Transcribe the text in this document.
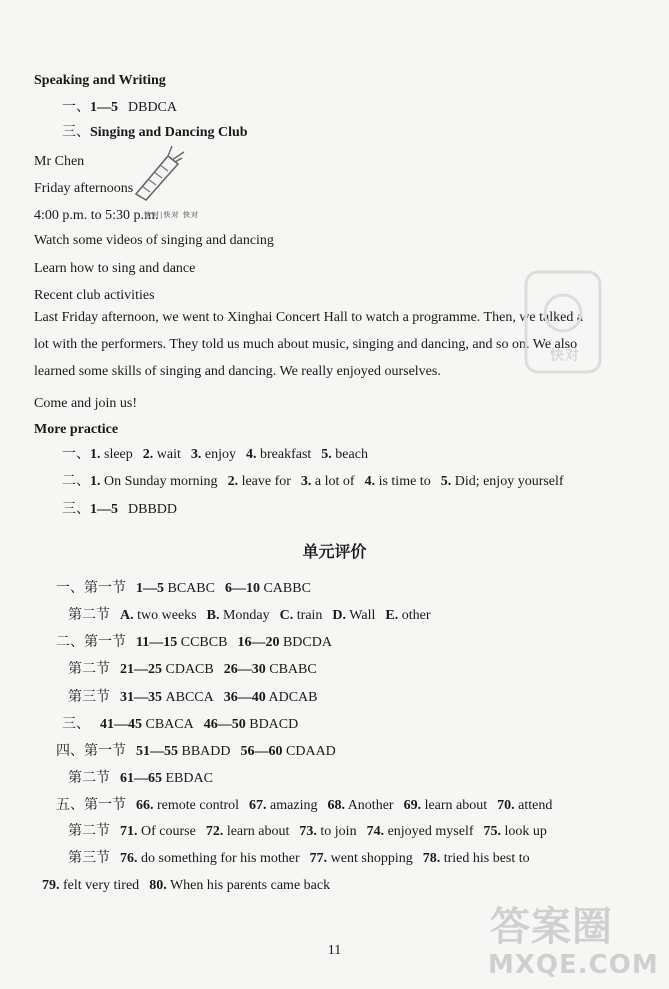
Speaking and Writing
一、1—5 DBDCA
三、Singing and Dancing Club
Mr Chen
Friday afternoons
4:00 p.m. to 5:30 p.m.
Watch some videos of singing and dancing
Learn how to sing and dance
Recent club activities
Last Friday afternoon, we went to Xinghai Concert Hall to watch a programme. Then, we talked a
lot with the performers. They told us much about music, singing and dancing, and so on. We also
learned some skills of singing and dancing. We really enjoyed ourselves.
Come and join us!
More practice
一、1. sleep 2. wait 3. enjoy 4. breakfast 5. beach
二、1. On Sunday morning 2. leave for 3. a lot of 4. is time to 5. Did; enjoy yourself
三、1—5 DBBDD
单元评价
一、第一节 1—5 BCABC 6—10 CABBC
第二节 A. two weeks B. Monday C. train D. Wall E. other
二、第一节 11—15 CCBCB 16—20 BDCDA
第二节 21—25 CDACB 26—30 CBABC
第三节 31—35 ABCCA 36—40 ADCAB
三、 41—45 CBACA 46—50 BDACD
四、第一节 51—55 BBADD 56—60 CDAAD
第二节 61—65 EBDAC
五、第一节 66. remote control 67. amazing 68. Another 69. learn about 70. attend
第二节 71. Of course 72. learn about 73. to join 74. enjoyed myself 75. look up
第三节 76. do something for his mother 77. went shopping 78. tried his best to
79. felt very tired 80. When his parents came back
11
快对|快对 快对
快对
答案圈
MXQE.COM
